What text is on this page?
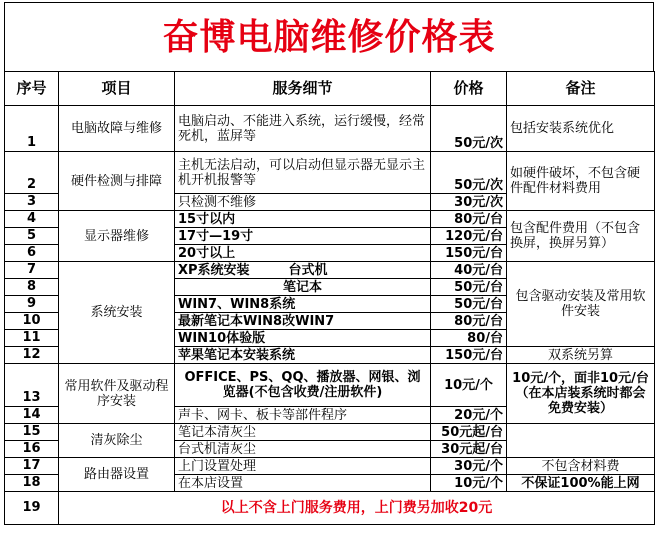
奋博电脑维修价格表
序号	项目	服务细节	价格	备注
1	电脑故障与维修	电脑启动、不能进入系统，运行缓慢，经常死机，蓝屏等	50元/次	包括安装系统优化
2	硬件检测与排障	主机无法启动，可以启动但显示器无显示主机开机报警等	50元/次	如硬件破坏，不包含硬件配件材料费用
3		只检测不维修	30元/次	
4	显示器维修	15寸以内	80元/台	包含配件费用（不包含换屏，换屏另算）
5		17寸—19寸	120元/台	
6		20寸以上	150元/台	
7	系统安装	XP系统安装　　　台式机	40元/台	包含驱动安装及常用软件安装
8		笔记本	50元/台	
9		WIN7、WIN8系统	50元/台	
10		最新笔记本WIN8改WIN7	80元/台	
11		WIN10体验版	80/台	
12		苹果笔记本安装系统	150元/台	双系统另算
13	常用软件及驱动程序安装	OFFICE、PS、QQ、播放器、网银、浏览器(不包含收费/注册软件)	10元/个	10元/个，面非10元/台（在本店装系统时都会免费安装）
14		声卡、网卡、板卡等部件程序	20元/个	
15	清灰除尘	笔记本清灰尘	50元起/台	
16		台式机清灰尘	30元起/台	
17	路由器设置	上门设置处理	30元/个	不包含材料费
18		在本店设置	10元/个	不保证100%能上网
19	以上不含上门服务费用，上门费另加收20元			
